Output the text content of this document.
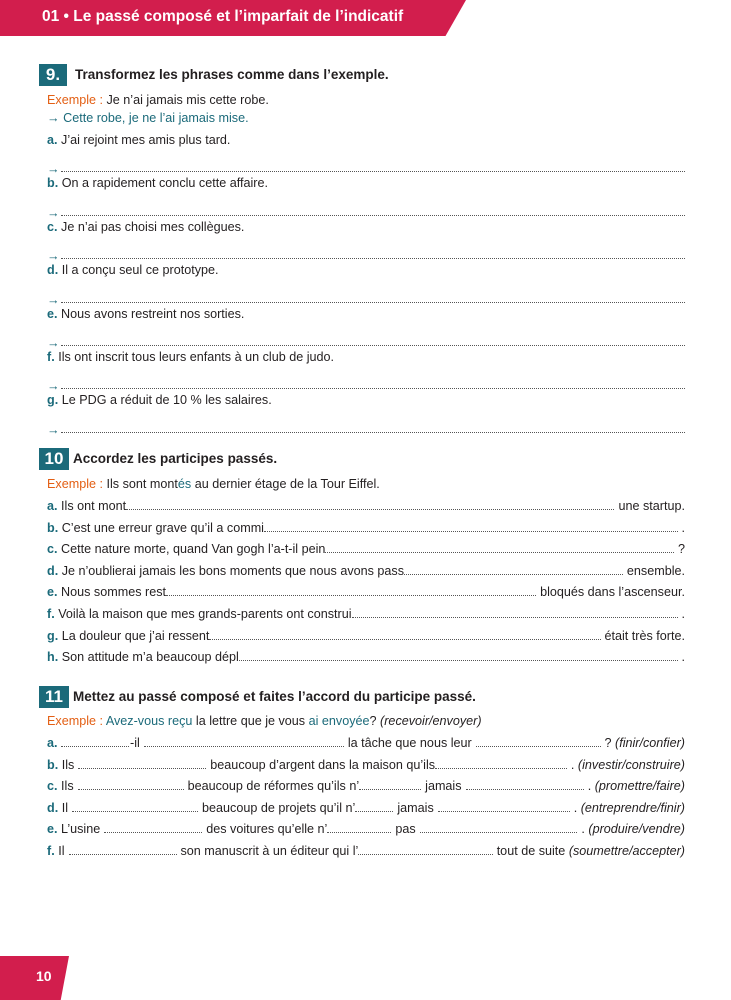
01 • Le passé composé et l’imparfait de l’indicatif
9.	Transformez les phrases comme dans l’exemple.
Exemple : Je n’ai jamais mis cette robe.
→ Cette robe, je ne l’ai jamais mise.
a.
J’ai rejoint mes amis plus tard.
→
b.
On a rapidement conclu cette affaire.
→
c.
Je n’ai pas choisi mes collègues.
→
d.
Il a conçu seul ce prototype.
→
e.
Nous avons restreint nos sorties.
→
f.
Ils ont inscrit tous leurs enfants à un club de judo.
→
g.
Le PDG a réduit de 10 % les salaires.
→
10 Accordez les participes passés.
Exemple : Ils sont montés au dernier étage de la Tour Eiffel.
a.
Ils ont mont	une startup.
b.
C’est une erreur grave qu’il a commi	.
c.
Cette nature morte, quand Van gogh l’a-t-il pein	?
d.
Je n’oublierai jamais les bons moments que nous avons pass	ensemble.
e.
Nous sommes rest	bloqués dans l’ascenseur.
f.
Voilà la maison que mes grands-parents ont construi	.
g.
La douleur que j’ai ressent	était très forte.
h.
Son attitude m’a beaucoup dépl	.
11 Mettez au passé composé et faites l’accord du participe passé.
Exemple : Avez-vous reçu la lettre que je vous ai envoyée? (recevoir/envoyer)
a.
	-il	la tâche que nous leur	?
(finir/confier)
b.
Ils	beaucoup d’argent dans la maison qu’ils	.
(investir/construire)
c.
Ils	beaucoup de réformes qu’ils n’	jamais	.
(promettre/faire)
d.
Il	beaucoup de projets qu’il n’	jamais	.
(entreprendre/finir)
e.
L’usine	des voitures qu’elle n’	pas	.
(produire/vendre)
f.
Il	son manuscrit à un éditeur qui l’	tout de suite
(soumettre/accepter)
10
